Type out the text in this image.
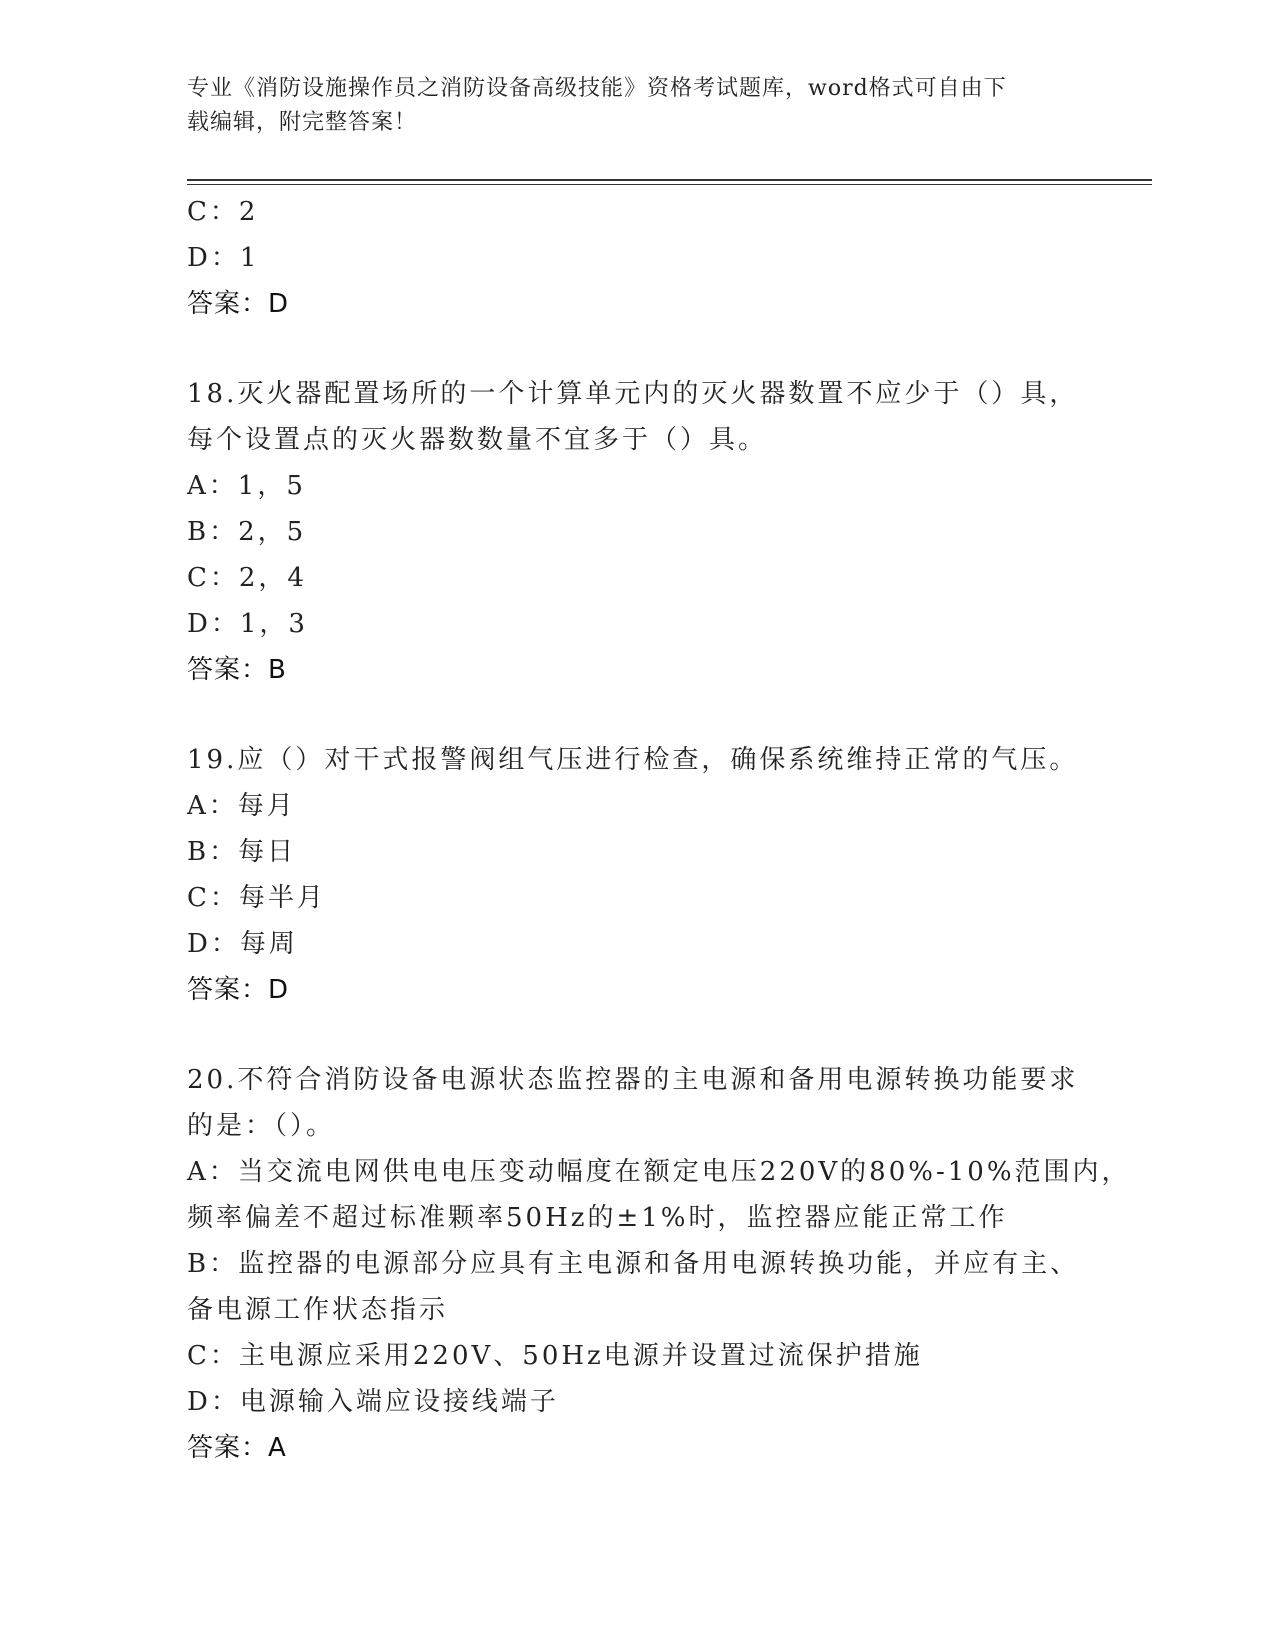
专业《消防设施操作员之消防设备高级技能》资格考试题库，word格式可自由下
载编辑，附完整答案！
C：2
D：1
答案：D
18.灭火器配置场所的一个计算单元内的灭火器数置不应少于（）具，
每个设置点的灭火器数数量不宜多于（）具。
A：1，5
B：2，5
C：2，4
D：1，3
答案：B
19.应（）对干式报警阀组气压进行检查，确保系统维持正常的气压。
A：每月
B：每日
C：每半月
D：每周
答案：D
20.不符合消防设备电源状态监控器的主电源和备用电源转换功能要求
的是：（）。
A：当交流电网供电电压变动幅度在额定电压220V的80%-10%范围内，
频率偏差不超过标准颗率50Hz的±1%时，监控器应能正常工作
B：监控器的电源部分应具有主电源和备用电源转换功能，并应有主、
备电源工作状态指示
C：主电源应采用220V、50Hz电源并设置过流保护措施
D：电源输入端应设接线端子
答案：A
